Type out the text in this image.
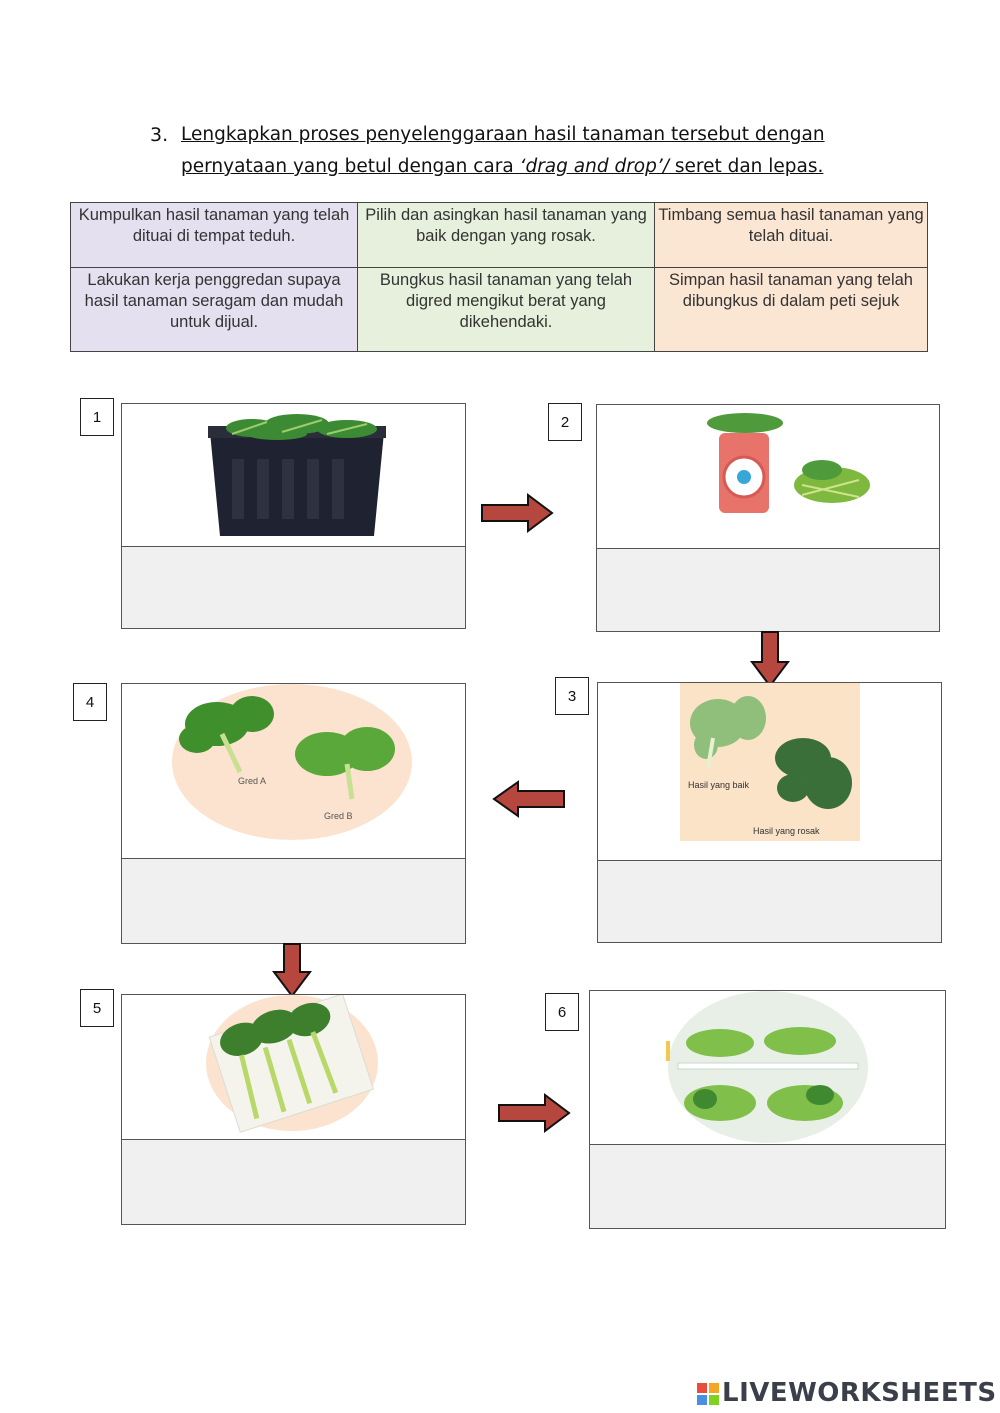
3. Lengkapkan proses penyelenggaraan hasil tanaman tersebut dengan
pernyataan yang betul dengan cara ‘drag and drop’/ seret dan lepas.
Kumpulkan hasil tanaman yang telah dituai di tempat teduh.
Pilih dan asingkan hasil tanaman yang baik dengan yang rosak.
Timbang semua hasil tanaman yang telah dituai.
Lakukan kerja penggredan supaya hasil tanaman seragam dan mudah untuk dijual.
Bungkus hasil tanaman yang telah digred mengikut berat yang dikehendaki.
Simpan hasil tanaman yang telah dibungkus di dalam peti sejuk
1	2
4
Gred A
Gred B
3
Hasil yang baik
Hasil yang rosak
5	6
LIVEWORKSHEETS
